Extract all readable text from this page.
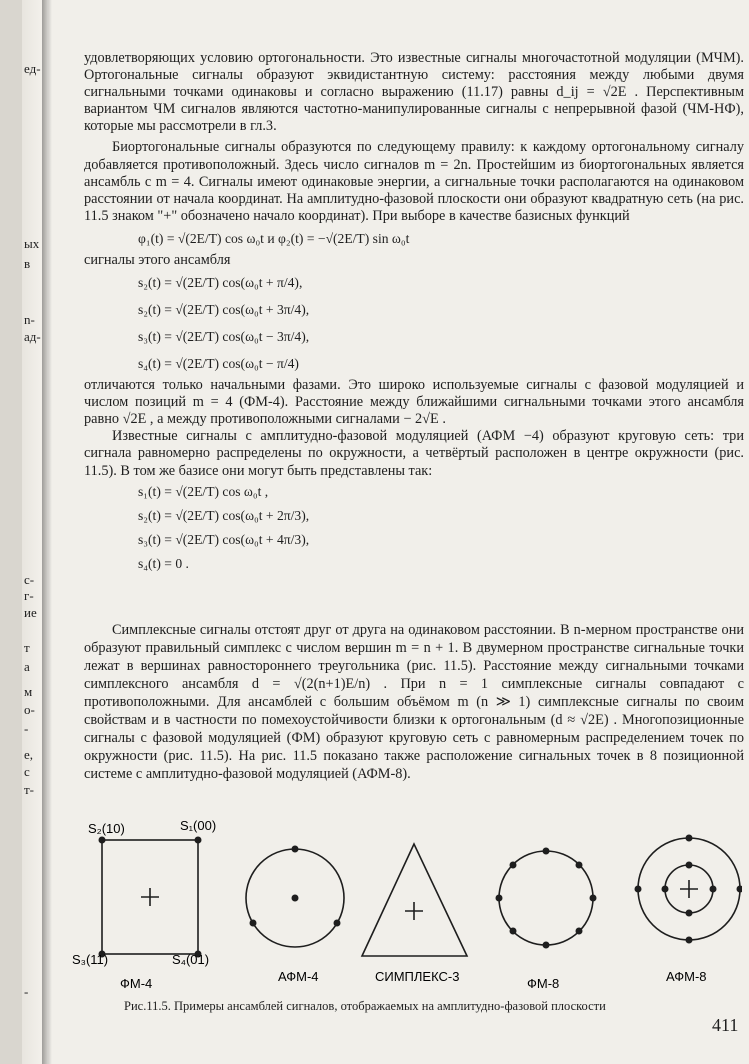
ед-
ых
в
n-
ад-
с-
г-
ие
т
а
м
о-
-
е,
с
т-
-

удовлетворяющих условию ортогональности. Это известные сигналы многочастотной модуляции (МЧМ). Ортогональные сигналы образуют эквидистантную систему: расстояния между любыми двумя сигнальными точками одинаковы и согласно выражению (11.17) равны d_ij = √2E . Перспективным вариантом ЧМ сигналов являются частотно-манипулированные сигналы с непрерывной фазой (ЧМ-НФ), которые мы рассмотрели в гл.3.

Биортогональные сигналы образуются по следующему правилу: к каждому ортогональному сигналу добавляется противоположный. Здесь число сигналов m = 2n. Простейшим из биортогональных является ансамбль с m = 4. Сигналы имеют одинаковые энергии, а сигнальные точки располагаются на одинаковом расстоянии от начала координат. На амплитудно-фазовой плоскости они образуют квадратную сеть (на рис. 11.5 знаком "+" обозначено начало координат). При выборе в качестве базисных функций

φ₁(t) = √(2E/T) cos ω₀t и φ₂(t) = −√(2E/T) sin ω₀t

сигналы этого ансамбля

s₂(t) = √(2E/T) cos(ω₀t + π/4),
s₂(t) = √(2E/T) cos(ω₀t + 3π/4),
s₃(t) = √(2E/T) cos(ω₀t − 3π/4),
s₄(t) = √(2E/T) cos(ω₀t − π/4)

отличаются только начальными фазами. Это широко используемые сигналы с фазовой модуляцией и числом позиций m = 4 (ФМ-4). Расстояние между ближайшими сигнальными точками этого ансамбля равно √2E , а между противоположными сигналами − 2√E .

Известные сигналы с амплитудно-фазовой модуляцией (АФМ −4) образуют круговую сеть: три сигнала равномерно распределены по окружности, а четвёртый расположен в центре окружности (рис. 11.5). В том же базисе они могут быть представлены так:

s₁(t) = √(2E/T) cos ω₀t ,
s₂(t) = √(2E/T) cos(ω₀t + 2π/3),
s₃(t) = √(2E/T) cos(ω₀t + 4π/3),
s₄(t) = 0 .

Симплексные сигналы отстоят друг от друга на одинаковом расстоянии. В n-мерном пространстве они образуют правильный симплекс с числом вершин m = n + 1. В двумерном пространстве сигнальные точки лежат в вершинах равностороннего треугольника (рис. 11.5). Расстояние между сигнальными точками симплексного ансамбля d = √(2(n+1)E/n) . При n = 1 симплексные сигналы совпадают с противоположными. Для ансамблей с большим объёмом m (n ≫ 1) симплексные сигналы по своим свойствам и в частности по помехоустойчивости близки к ортогональным (d ≈ √2E) . Многопозиционные сигналы с фазовой модуляцией (ФМ) образуют круговую сеть с равномерным распределением точек по окружности (рис. 11.5). На рис. 11.5 показано также расположение сигнальных точек в 8 позиционной системе с амплитудно-фазовой модуляцией (АФМ-8).

S₂(10)	S₁(00)
S₃(11)	S₄(01)
ФМ-4	АФМ-4	СИМПЛЕКС-3	ФМ-8	АФМ-8
Рис.11.5. Примеры ансамблей сигналов, отображаемых на амплитудно-фазовой плоскости
411
